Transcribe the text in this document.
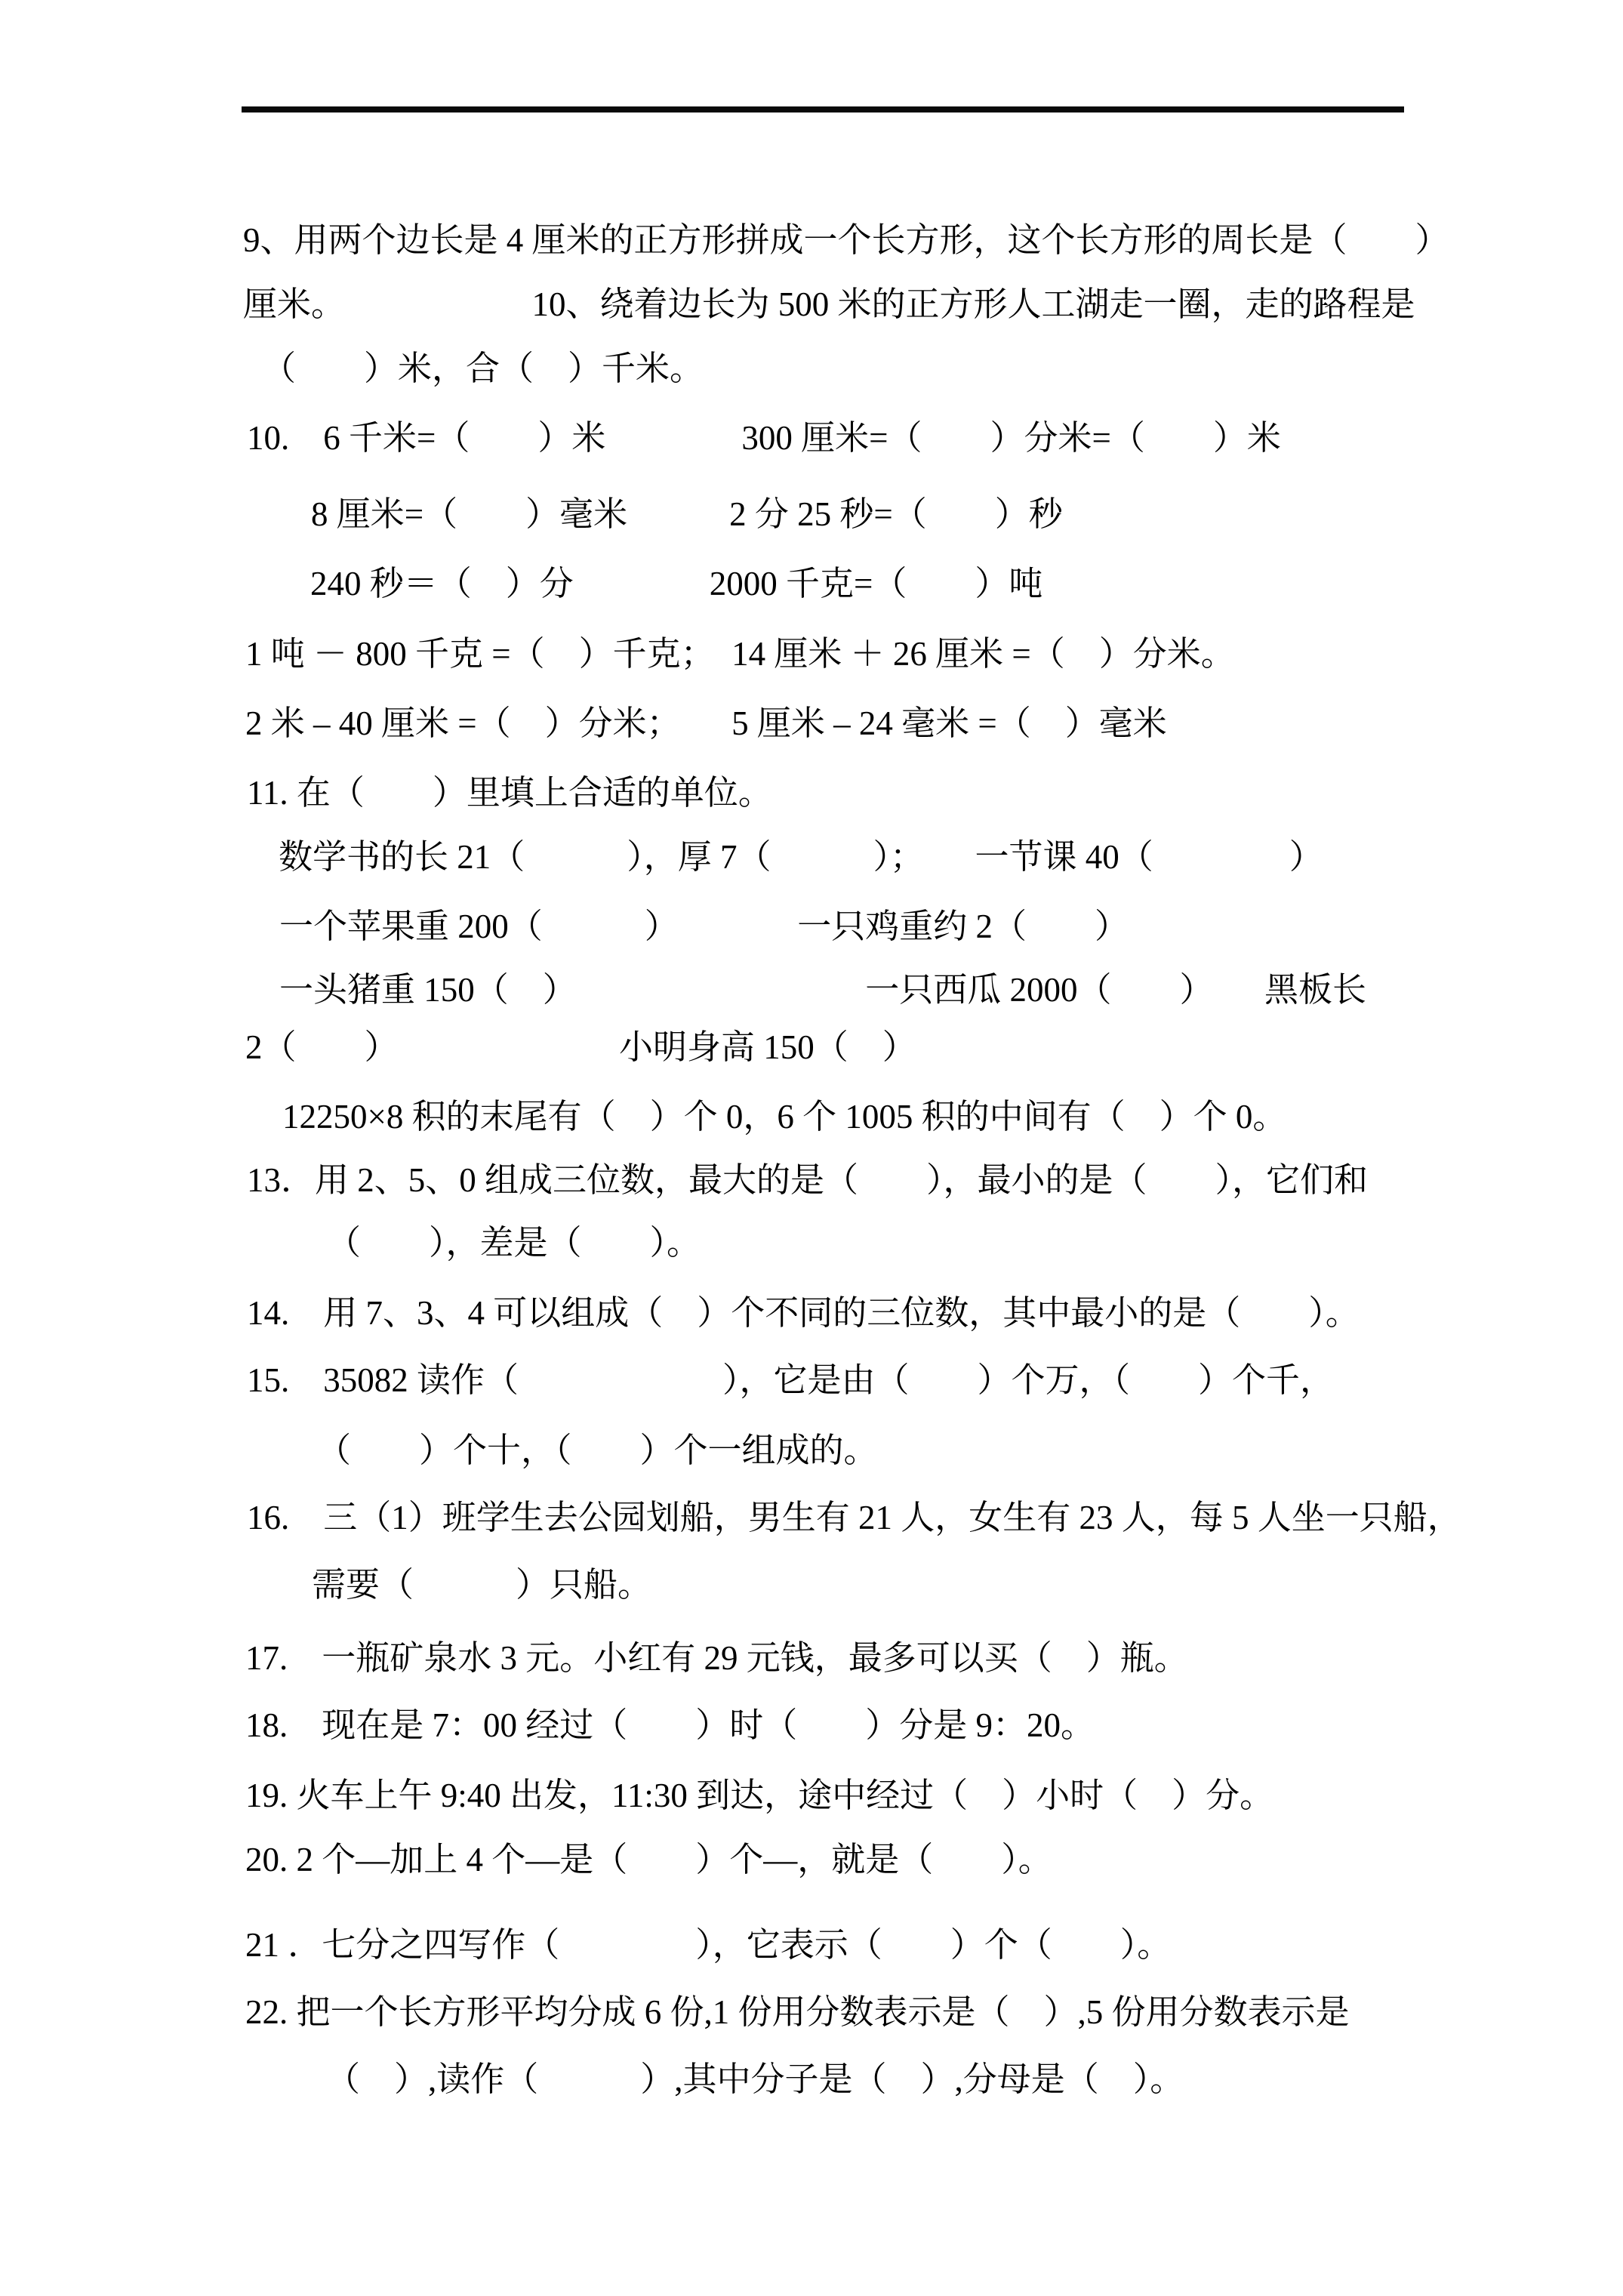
9、用两个边长是 4 厘米的正方形拼成一个长方形，这个长方形的周长是（　　）
厘米。　　　　　　10、绕着边长为 500 米的正方形人工湖走一圈，走的路程是
（　　）米，合（　）千米。
10.　6 千米=（　　）米　　　　300 厘米=（　　）分米=（　　）米
8 厘米=（　　）毫米　　　2 分 25 秒=（　　）秒
240 秒＝（　）分　　　　2000 千克=（　　）吨
1 吨 － 800 千克 =（　）千克；　14 厘米 ＋ 26 厘米 =（　）分米。
2 米 – 40 厘米 =（　）分米；　　5 厘米 – 24 毫米 =（　）毫米
11. 在（　　）里填上合适的单位。
数学书的长 21（　　　），厚 7（　　　）；　　一节课 40（　　　　）
一个苹果重 200（　　　）　　　　一只鸡重约 2（　　）
一头猪重 150（　）　　　　　　　　　一只西瓜 2000（　　）　　黑板长
2（　　）　　　　　　　小明身高 150（　）
12250×8 积的末尾有（　）个 0，6 个 1005 积的中间有（　）个 0。
13．用 2、5、0 组成三位数，最大的是（　　），最小的是（　　），它们和
（　　），差是（　　）。
14.　用 7、3、4 可以组成（　）个不同的三位数，其中最小的是（　　）。
15.　35082 读作（　　　　　　），它是由（　　）个万，（　　）个千，
（　　）个十，（　　）个一组成的。
16.　三（1）班学生去公园划船，男生有 21 人，女生有 23 人，每 5 人坐一只船，
需要（　　　）只船。
17.　一瓶矿泉水 3 元。小红有 29 元钱，最多可以买（　）瓶。
18.　现在是 7：00 经过（　　）时（　　）分是 9：20。
19. 火车上午 9:40 出发，11:30 到达，途中经过（　）小时（　）分。
20. 2 个—加上 4 个—是（　　）个—，就是（　　）。
21 ．七分之四写作（　　　　），它表示（　　）个（　　）。
22. 把一个长方形平均分成 6 份,1 份用分数表示是（　）,5 份用分数表示是
（　）,读作（　　　）,其中分子是（　）,分母是（　）。
